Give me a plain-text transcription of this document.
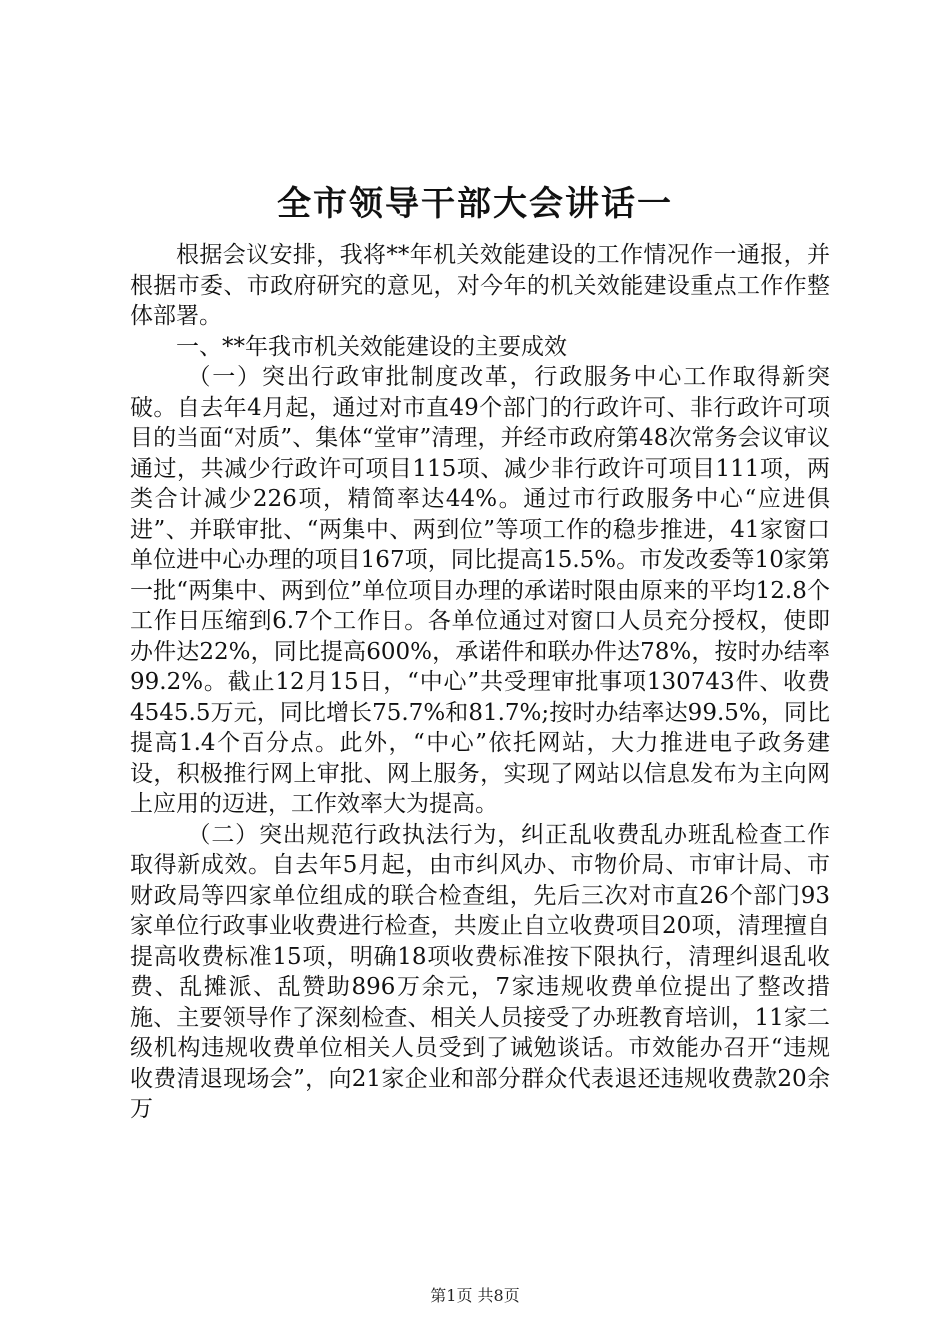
全市领导干部大会讲话一

根据会议安排，我将**年机关效能建设的工作情况作一通报，并根据市委、市政府研究的意见，对今年的机关效能建设重点工作作整体部署。

一、**年我市机关效能建设的主要成效

（一）突出行政审批制度改革，行政服务中心工作取得新突破。自去年4月起，通过对市直49个部门的行政许可、非行政许可项目的当面“对质”、集体“堂审”清理，并经市政府第48次常务会议审议通过，共减少行政许可项目115项、减少非行政许可项目111项，两类合计减少226项，精简率达44%。通过市行政服务中心“应进俱进”、并联审批、“两集中、两到位”等项工作的稳步推进，41家窗口单位进中心办理的项目167项，同比提高15.5%。市发改委等10家第一批“两集中、两到位”单位项目办理的承诺时限由原来的平均12.8个工作日压缩到6.7个工作日。各单位通过对窗口人员充分授权，使即办件达22%，同比提高600%，承诺件和联办件达78%，按时办结率99.2%。截止12月15日，“中心”共受理审批事项130743件、收费4545.5万元，同比增长75.7%和81.7%;按时办结率达99.5%，同比提高1.4个百分点。此外，“中心”依托网站，大力推进电子政务建设，积极推行网上审批、网上服务，实现了网站以信息发布为主向网上应用的迈进，工作效率大为提高。

（二）突出规范行政执法行为，纠正乱收费乱办班乱检查工作取得新成效。自去年5月起，由市纠风办、市物价局、市审计局、市财政局等四家单位组成的联合检查组，先后三次对市直26个部门93家单位行政事业收费进行检查，共废止自立收费项目20项，清理擅自提高收费标准15项，明确18项收费标准按下限执行，清理纠退乱收费、乱摊派、乱赞助896万余元，7家违规收费单位提出了整改措施、主要领导作了深刻检查、相关人员接受了办班教育培训，11家二级机构违规收费单位相关人员受到了诫勉谈话。市效能办召开“违规收费清退现场会”，向21家企业和部分群众代表退还违规收费款20余万

第1页 共8页
